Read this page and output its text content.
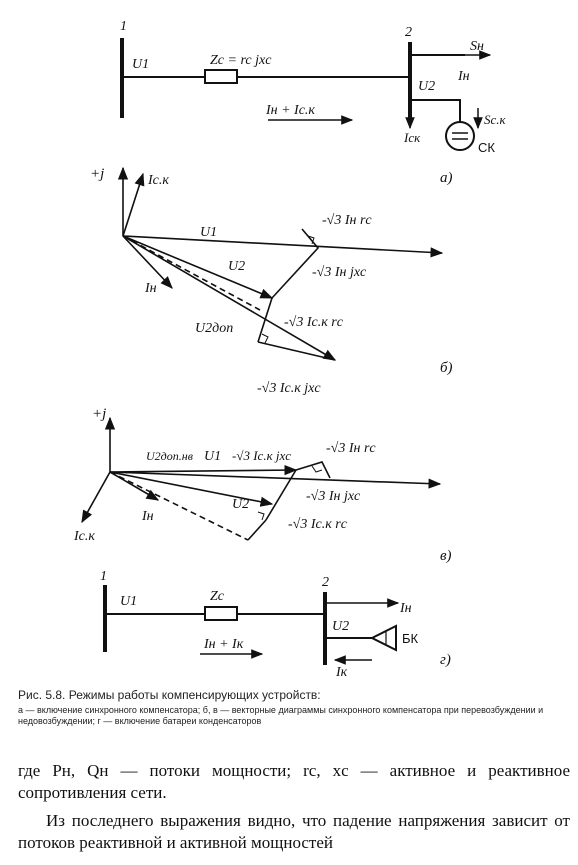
1	2
U1	Zc = rc jxc
Sн
Iн
U2
Iн + Iс.к
Iск
Sс.к
СК
а)
+j	Iс.к
U1
-√3 Iн rс
U2	-√3 Iн jxс
Iн
U2доп	-√3 Iс.к rс
-√3 Iс.к jxс
б)
+j
U2доп.нв U1 -√3 Iс.к jxс -√3 Iн rс
-√3 Iн jxс
U2
-√3 Iс.к rс
Iс.к
Iн
в)
1	2
U1	Zc
Iн
Iн + Iк
U2
БК
Iк
г)

Рис. 5.8. Режимы работы компенсирующих устройств:

а — включение синхронного компенсатора; б, в — векторные диаграммы синхронного компенсатора при перевозбуждении и недовозбуждении; г — включение батареи конденсаторов

где Pн, Qн — потоки мощности; rс, xс — активное и реактивное сопротивления сети.

Из последнего выражения видно, что падение напряжения зависит от потоков реактивной и активной мощностей
